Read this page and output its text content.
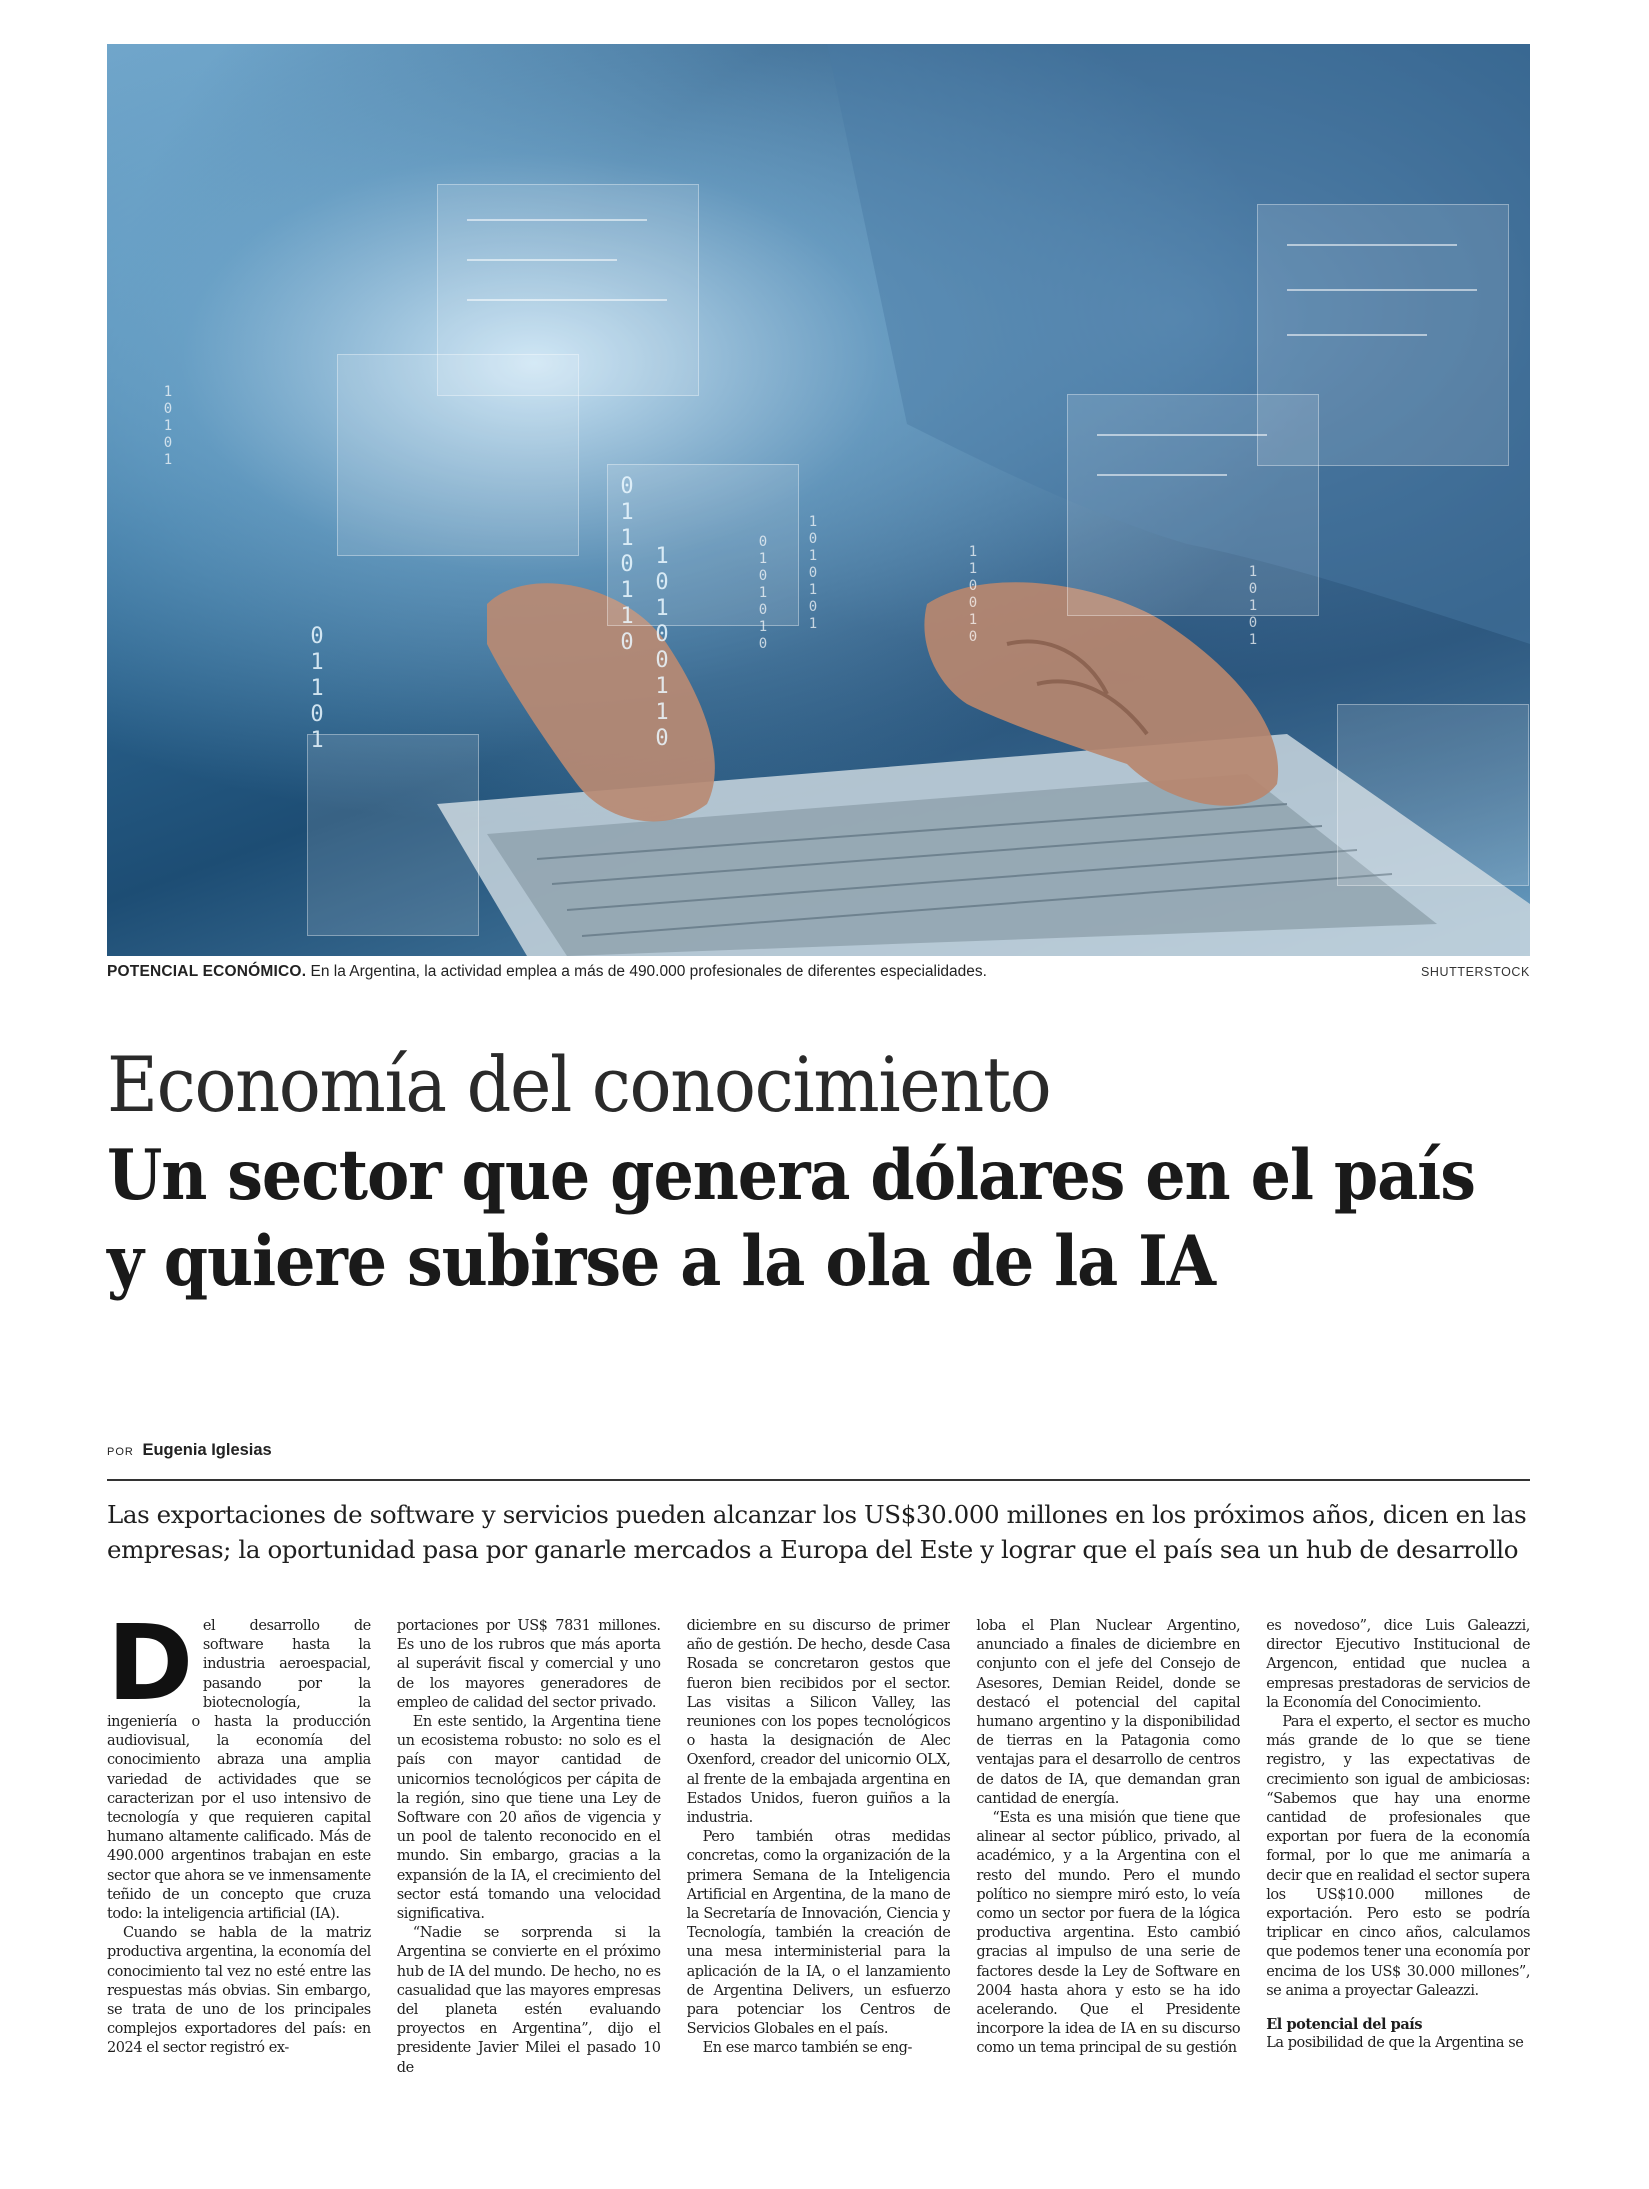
0110110
10100110
0101010
1010101
01101
110010
10101
10101
POTENCIAL ECONÓMICO. En la Argentina, la actividad emplea a más de 490.000 profesionales de diferentes especialidades.	SHUTTERSTOCK
Economía del conocimiento
Un sector que genera dólares en el país
y quiere subirse a la ola de la IA
POR Eugenia Iglesias
Las exportaciones de software y servicios pueden alcanzar los US$30.000 millones en los próximos años, dicen en las empresas; la oportunidad pasa por ganarle mercados a Europa del Este y lograr que el país sea un hub de desarrollo

Del desarrollo de software hasta la industria aeroespacial, pasando por la biotecnología, la ingeniería o hasta la producción audiovisual, la economía del conocimiento abraza una amplia variedad de actividades que se caracterizan por el uso intensivo de tecnología y que requieren capital humano altamente calificado. Más de 490.000 argentinos trabajan en este sector que ahora se ve inmensamente teñido de un concepto que cruza todo: la inteligencia artificial (IA).

Cuando se habla de la matriz productiva argentina, la economía del conocimiento tal vez no esté entre las respuestas más obvias. Sin embargo, se trata de uno de los principales complejos exportadores del país: en 2024 el sector registró ex-

portaciones por US$ 7831 millones. Es uno de los rubros que más aporta al superávit fiscal y comercial y uno de los mayores generadores de empleo de calidad del sector privado.

En este sentido, la Argentina tiene un ecosistema robusto: no solo es el país con mayor cantidad de unicornios tecnológicos per cápita de la región, sino que tiene una Ley de Software con 20 años de vigencia y un pool de talento reconocido en el mundo. Sin embargo, gracias a la expansión de la IA, el crecimiento del sector está tomando una velocidad significativa.

“Nadie se sorprenda si la Argentina se convierte en el próximo hub de IA del mundo. De hecho, no es casualidad que las mayores empresas del planeta estén evaluando proyectos en Argentina”, dijo el presidente Javier Milei el pasado 10 de

diciembre en su discurso de primer año de gestión. De hecho, desde Casa Rosada se concretaron gestos que fueron bien recibidos por el sector. Las visitas a Silicon Valley, las reuniones con los popes tecnológicos o hasta la designación de Alec Oxenford, creador del unicornio OLX, al frente de la embajada argentina en Estados Unidos, fueron guiños a la industria.

Pero también otras medidas concretas, como la organización de la primera Semana de la Inteligencia Artificial en Argentina, de la mano de la Secretaría de Innovación, Ciencia y Tecnología, también la creación de una mesa interministerial para la aplicación de la IA, o el lanzamiento de Argentina Delivers, un esfuerzo para potenciar los Centros de Servicios Globales en el país.

En ese marco también se eng-

loba el Plan Nuclear Argentino, anunciado a finales de diciembre en conjunto con el jefe del Consejo de Asesores, Demian Reidel, donde se destacó el potencial del capital humano argentino y la disponibilidad de tierras en la Patagonia como ventajas para el desarrollo de centros de datos de IA, que demandan gran cantidad de energía.

“Esta es una misión que tiene que alinear al sector público, privado, al académico, y a la Argentina con el resto del mundo. Pero el mundo político no siempre miró esto, lo veía como un sector por fuera de la lógica productiva argentina. Esto cambió gracias al impulso de una serie de factores desde la Ley de Software en 2004 hasta ahora y esto se ha ido acelerando. Que el Presidente incorpore la idea de IA en su discurso como un tema principal de su gestión

es novedoso”, dice Luis Galeazzi, director Ejecutivo Institucional de Argencon, entidad que nuclea a empresas prestadoras de servicios de la Economía del Conocimiento.

Para el experto, el sector es mucho más grande de lo que se tiene registro, y las expectativas de crecimiento son igual de ambiciosas: “Sabemos que hay una enorme cantidad de profesionales que exportan por fuera de la economía formal, por lo que me animaría a decir que en realidad el sector supera los US$10.000 millones de exportación. Pero esto se podría triplicar en cinco años, calculamos que podemos tener una economía por encima de los US$ 30.000 millones”, se anima a proyectar Galeazzi.

El potencial del país

La posibilidad de que la Argentina se
